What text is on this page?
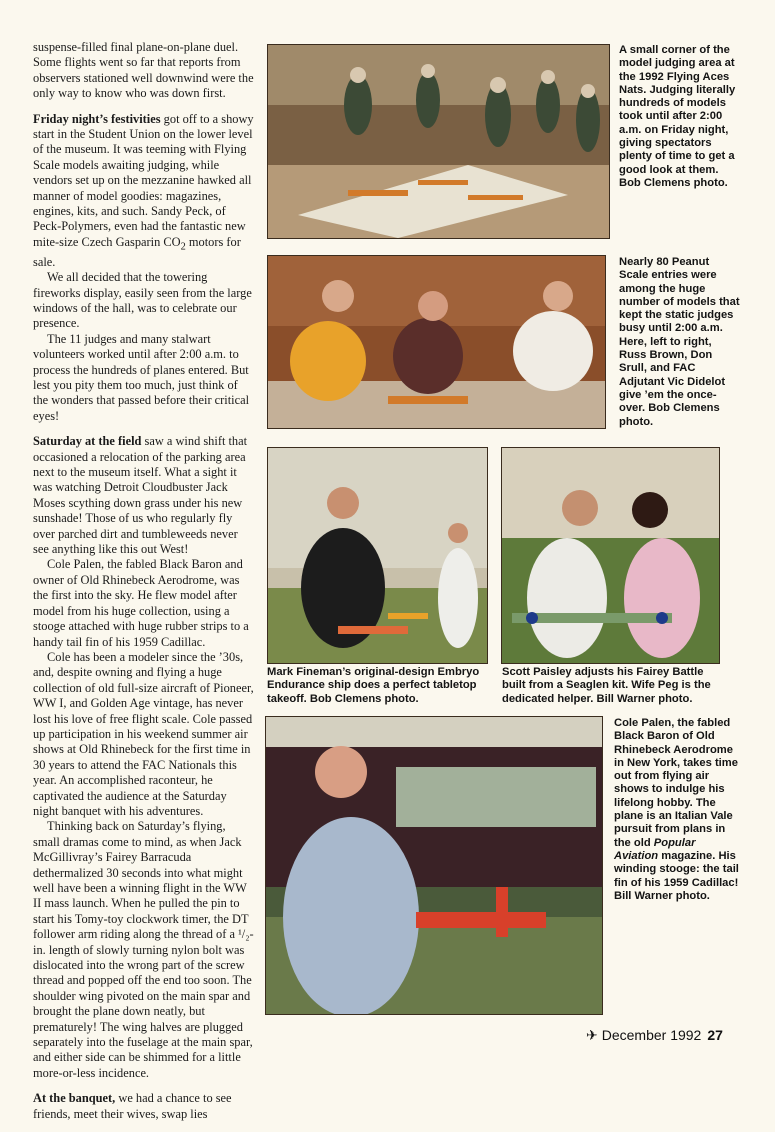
suspense-filled final plane-on-plane duel. Some flights went so far that reports from observers stationed well downwind were the only way to know who was down first.

Friday night’s festivities got off to a showy start in the Student Union on the lower level of the museum. It was teeming with Flying Scale models awaiting judging, while vendors set up on the mezzanine hawked all manner of model goodies: magazines, engines, kits, and such. Sandy Peck, of Peck-Polymers, even had the fantastic new mite-size Czech Gasparin $CO_2$ motors for sale.

We all decided that the towering fireworks display, easily seen from the large windows of the hall, was to celebrate our presence.

The 11 judges and many stalwart volunteers worked until after 2:00 a.m. to process the hundreds of planes entered. But lest you pity them too much, just think of the wonders that passed before their critical eyes!

Saturday at the field saw a wind shift that occasioned a relocation of the parking area next to the museum itself. What a sight it was watching Detroit Cloudbuster Jack Moses scything down grass under his new sunshade! Those of us who regularly fly over parched dirt and tumbleweeds never see anything like this out West!

Cole Palen, the fabled Black Baron and owner of Old Rhinebeck Aerodrome, was the first into the sky. He flew model after model from his huge collection, using a stooge attached with huge rubber strips to a handy tail fin of his 1959 Cadillac.

Cole has been a modeler since the ’30s, and, despite owning and flying a huge collection of old full-size aircraft of Pioneer, WW I, and Golden Age vintage, has never lost his love of free flight scale. Cole passed up participation in his weekend summer air shows at Old Rhinebeck for the first time in 30 years to attend the FAC Nationals this year. An accomplished raconteur, he captivated the audience at the Saturday night banquet with his adventures.

Thinking back on Saturday’s flying, small dramas come to mind, as when Jack McGillivray’s Fairey Barracuda dethermalized 30 seconds into what might well have been a winning flight in the WW II mass launch. When he pulled the pin to start his Tomy-toy clockwork timer, the DT follower arm riding along the thread of a ¹/₂-in. length of slowly turning nylon bolt was dislocated into the wrong part of the screw thread and popped off the end too soon. The shoulder wing pivoted on the main spar and brought the plane down neatly, but prematurely! The wing halves are plugged separately into the fuselage at the main spar, and either side can be shimmed for a little more-or-less incidence.

At the banquet, we had a chance to see friends, meet their wives, swap lies

A small corner of the model judging area at the 1992 Flying Aces Nats. Judging literally hundreds of models took until after 2:00 a.m. on Friday night, giving spectators plenty of time to get a good look at them. Bob Clemens photo.
Nearly 80 Peanut Scale entries were among the huge number of models that kept the static judges busy until 2:00 a.m. Here, left to right, Russ Brown, Don Srull, and FAC Adjutant Vic Didelot give ’em the once-over. Bob Clemens photo.
Mark Fineman’s original-design Embryo Endurance ship does a perfect tabletop takeoff. Bob Clemens photo.
Scott Paisley adjusts his Fairey Battle built from a Seaglen kit. Wife Peg is the dedicated helper. Bill Warner photo.
Cole Palen, the fabled Black Baron of Old Rhinebeck Aerodrome in New York, takes time out from flying air shows to indulge his lifelong hobby. The plane is an Italian Vale pursuit from plans in the old Popular Aviation magazine. His winding stooge: the tail fin of his 1959 Cadillac! Bill Warner photo.
✈ December 1992 27
